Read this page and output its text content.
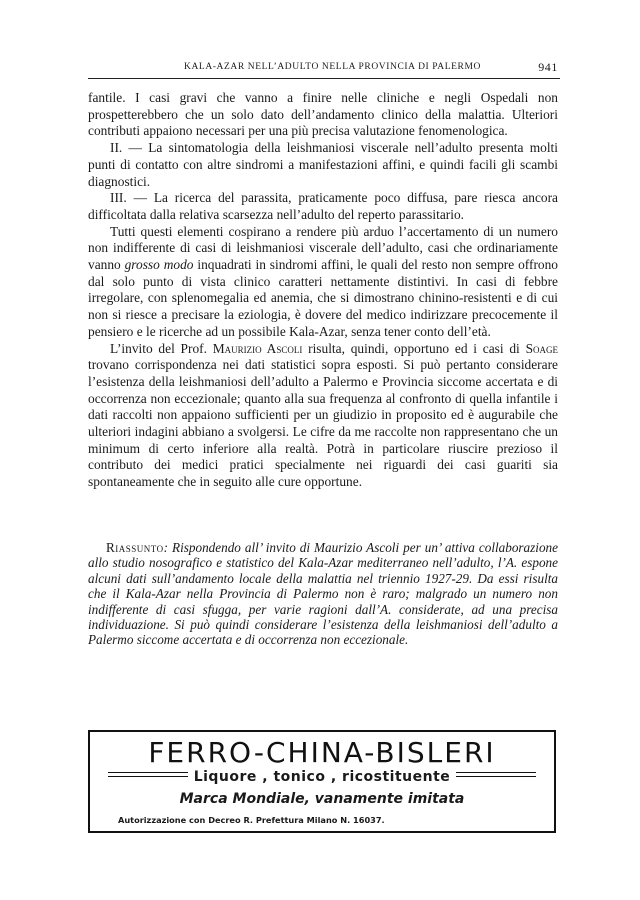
KALA-AZAR NELL’ADULTO NELLA PROVINCIA DI PALERMO	941

fantile. I casi gravi che vanno a finire nelle cliniche e negli Ospedali non prospetterebbero che un solo dato dell’andamento clinico della malattia. Ulteriori contributi appaiono necessari per una più precisa valutazione fenomenologica.

II. — La sintomatologia della leishmaniosi viscerale nell’adulto presenta molti punti di contatto con altre sindromi a manifestazioni affini, e quindi facili gli scambi diagnostici.

III. — La ricerca del parassita, praticamente poco diffusa, pare riesca ancora difficoltata dalla relativa scarsezza nell’adulto del reperto parassitario.

Tutti questi elementi cospirano a rendere più arduo l’accertamento di un numero non indifferente di casi di leishmaniosi viscerale dell’adulto, casi che ordinariamente vanno grosso modo inquadrati in sindromi affini, le quali del resto non sempre offrono dal solo punto di vista clinico caratteri nettamente distintivi. In casi di febbre irregolare, con splenomegalia ed anemia, che si dimostrano chinino-resistenti e di cui non si riesce a precisare la eziologia, è dovere del medico indirizzare precocemente il pensiero e le ricerche ad un possibile Kala-Azar, senza tener conto dell’età.

L’invito del Prof. Maurizio Ascoli risulta, quindi, opportuno ed i casi di Soage trovano corrispondenza nei dati statistici sopra esposti. Si può pertanto considerare l’esistenza della leishmaniosi dell’adulto a Palermo e Provincia siccome accertata e di occorrenza non eccezionale; quanto alla sua frequenza al confronto di quella infantile i dati raccolti non appaiono sufficienti per un giudizio in proposito ed è augurabile che ulteriori indagini abbiano a svolgersi. Le cifre da me raccolte non rappresentano che un minimum di certo inferiore alla realtà. Potrà in particolare riuscire prezioso il contributo dei medici pratici specialmente nei riguardi dei casi guariti sia spontaneamente che in seguito alle cure opportune.

Riassunto: Rispondendo all’ invito di Maurizio Ascoli per un’ attiva collaborazione allo studio nosografico e statistico del Kala-Azar mediterraneo nell’adulto, l’A. espone alcuni dati sull’andamento locale della malattia nel triennio 1927-29. Da essi risulta che il Kala-Azar nella Provincia di Palermo non è raro; malgrado un numero non indifferente di casi sfugga, per varie ragioni dall’A. considerate, ad una precisa individuazione. Si può quindi considerare l’esistenza della leishmaniosi dell’adulto a Palermo siccome accertata e di occorrenza non eccezionale.
FERRO-CHINA-BISLERI
Liquore , tonico , ricostituente
Marca Mondiale, vanamente imitata
Autorizzazione con Decreo R. Prefettura Milano N. 16037.
